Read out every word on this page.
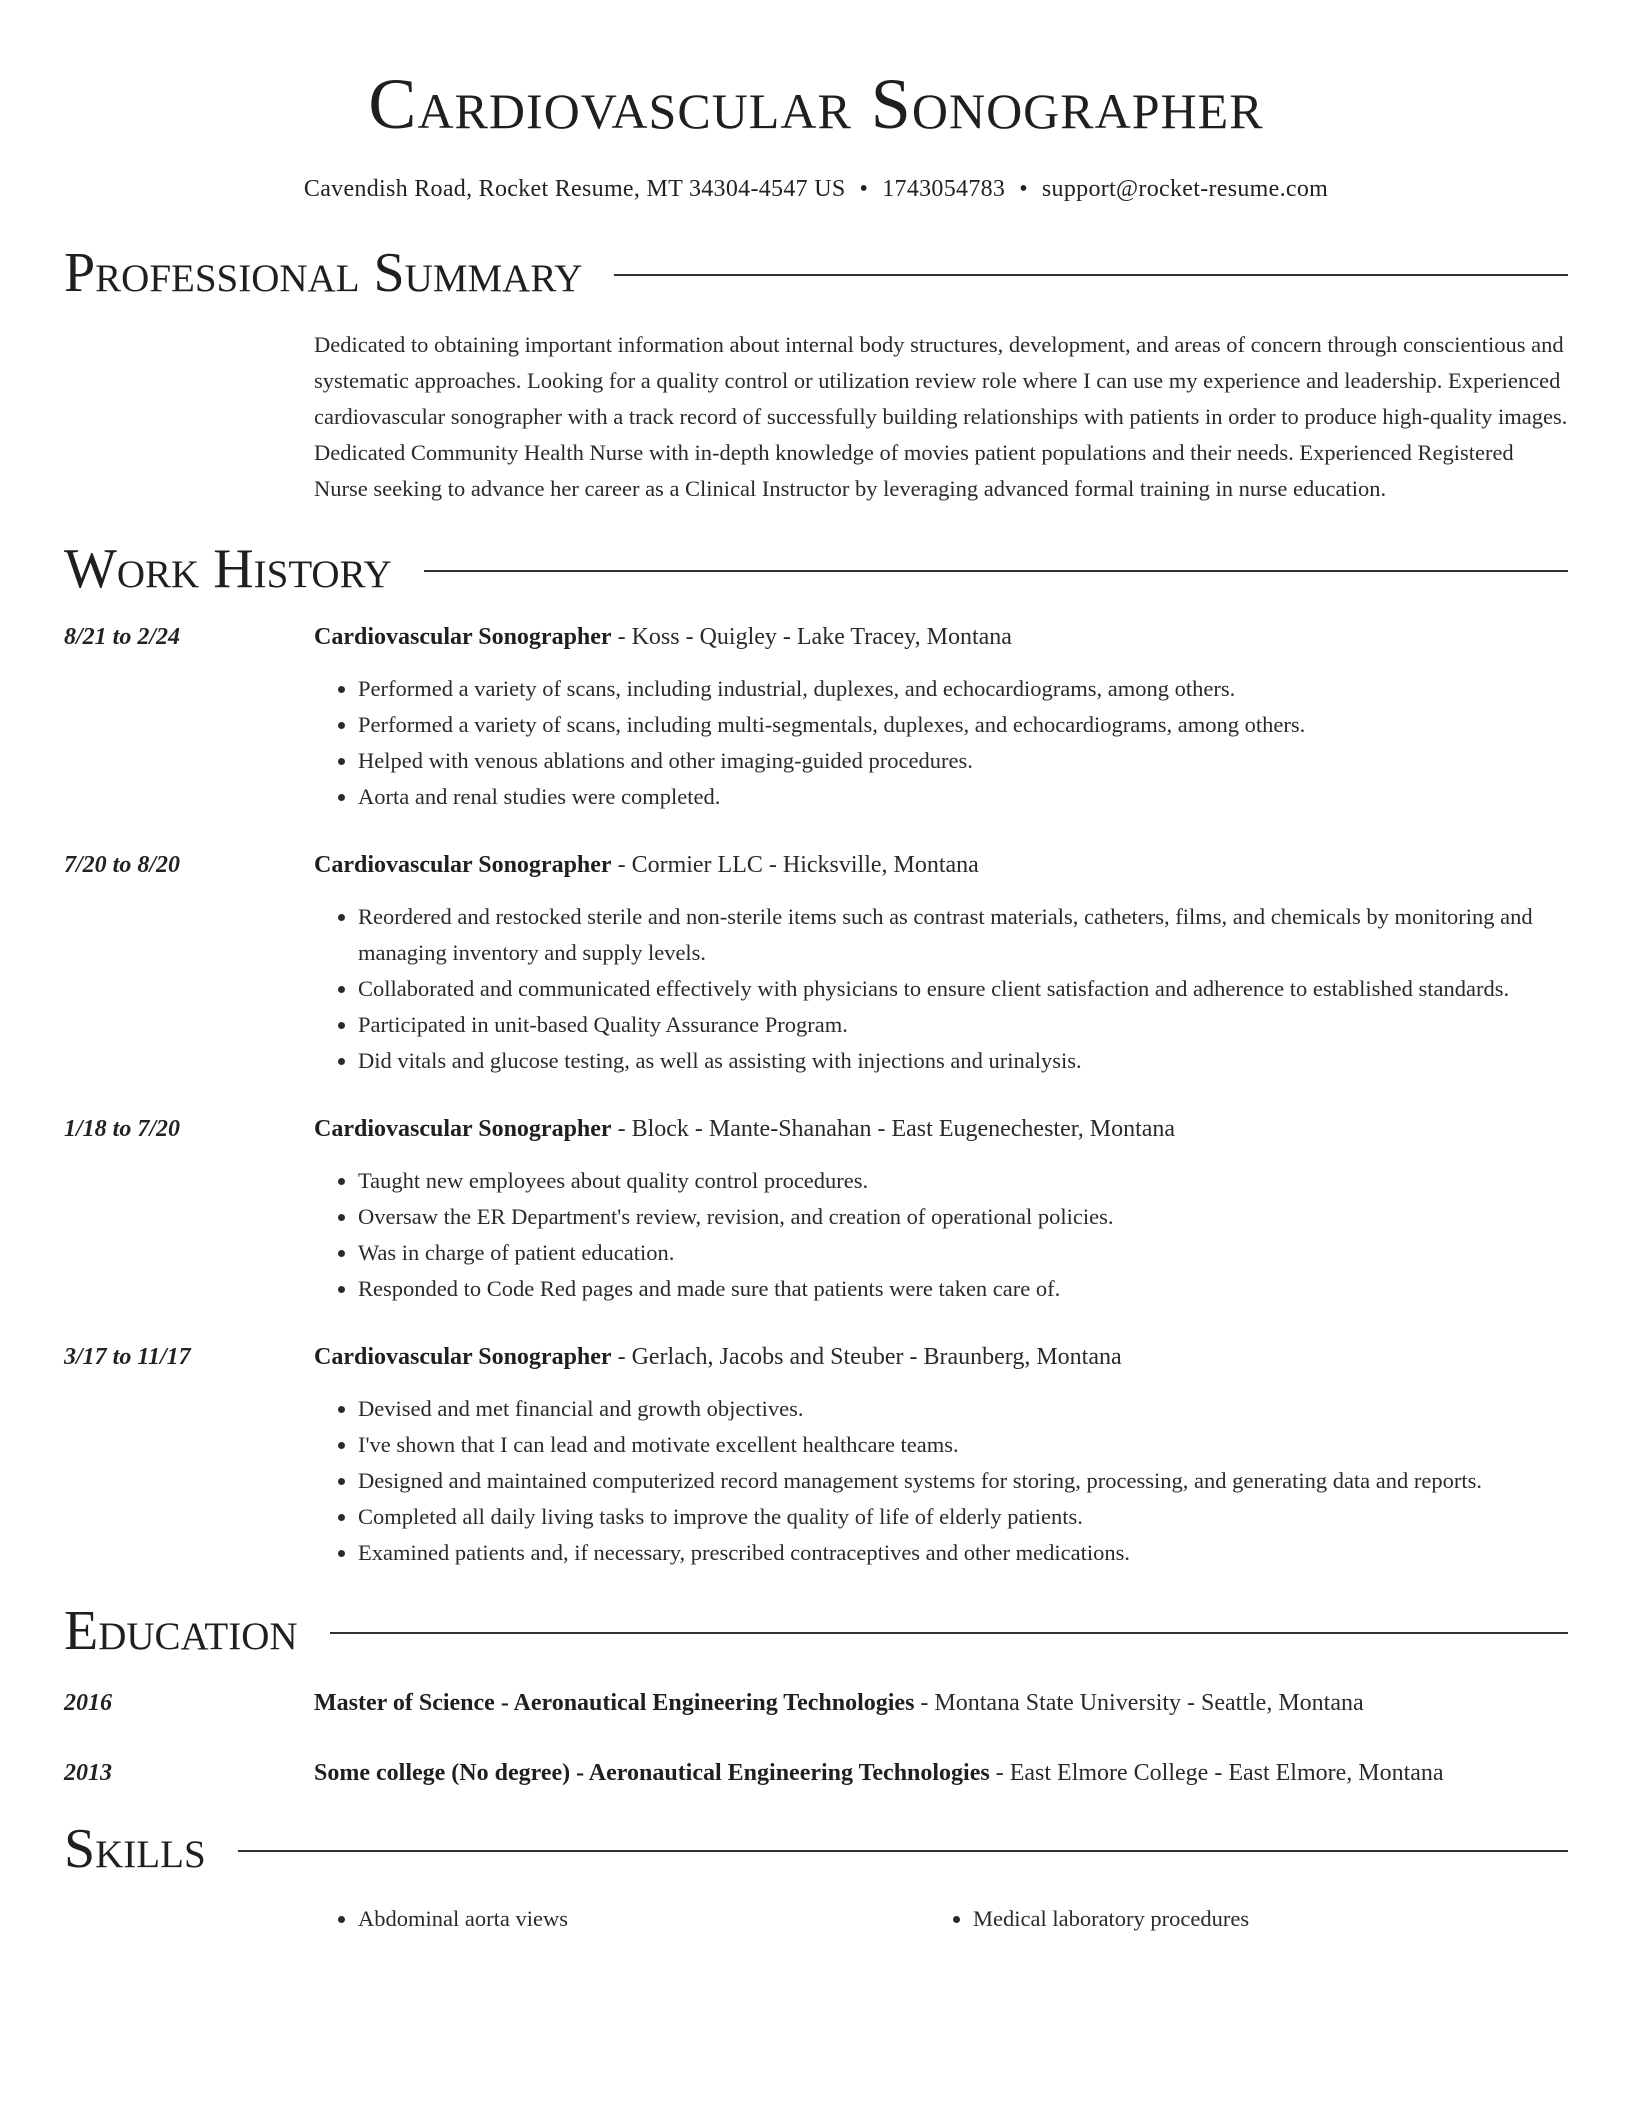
Cardiovascular Sonographer
Cavendish Road, Rocket Resume, MT 34304-4547 US • 1743054783 • support@rocket-resume.com
Professional Summary
Dedicated to obtaining important information about internal body structures, development, and areas of concern through conscientious and systematic approaches. Looking for a quality control or utilization review role where I can use my experience and leadership. Experienced cardiovascular sonographer with a track record of successfully building relationships with patients in order to produce high-quality images. Dedicated Community Health Nurse with in-depth knowledge of movies patient populations and their needs. Experienced Registered Nurse seeking to advance her career as a Clinical Instructor by leveraging advanced formal training in nurse education.
Work History
8/21 to 2/24	Cardiovascular Sonographer - Koss - Quigley - Lake Tracey, Montana
• Performed a variety of scans, including industrial, duplexes, and echocardiograms, among others.
• Performed a variety of scans, including multi-segmentals, duplexes, and echocardiograms, among others.
• Helped with venous ablations and other imaging-guided procedures.
• Aorta and renal studies were completed.
7/20 to 8/20	Cardiovascular Sonographer - Cormier LLC - Hicksville, Montana
• Reordered and restocked sterile and non-sterile items such as contrast materials, catheters, films, and chemicals by monitoring and managing inventory and supply levels.
• Collaborated and communicated effectively with physicians to ensure client satisfaction and adherence to established standards.
• Participated in unit-based Quality Assurance Program.
• Did vitals and glucose testing, as well as assisting with injections and urinalysis.
1/18 to 7/20	Cardiovascular Sonographer - Block - Mante-Shanahan - East Eugenechester, Montana
• Taught new employees about quality control procedures.
• Oversaw the ER Department's review, revision, and creation of operational policies.
• Was in charge of patient education.
• Responded to Code Red pages and made sure that patients were taken care of.
3/17 to 11/17	Cardiovascular Sonographer - Gerlach, Jacobs and Steuber - Braunberg, Montana
• Devised and met financial and growth objectives.
• I've shown that I can lead and motivate excellent healthcare teams.
• Designed and maintained computerized record management systems for storing, processing, and generating data and reports.
• Completed all daily living tasks to improve the quality of life of elderly patients.
• Examined patients and, if necessary, prescribed contraceptives and other medications.
Education
2016	Master of Science - Aeronautical Engineering Technologies - Montana State University - Seattle, Montana
2013	Some college (No degree) - Aeronautical Engineering Technologies - East Elmore College - East Elmore, Montana
Skills
• Abdominal aorta views
•	Medical laboratory procedures
